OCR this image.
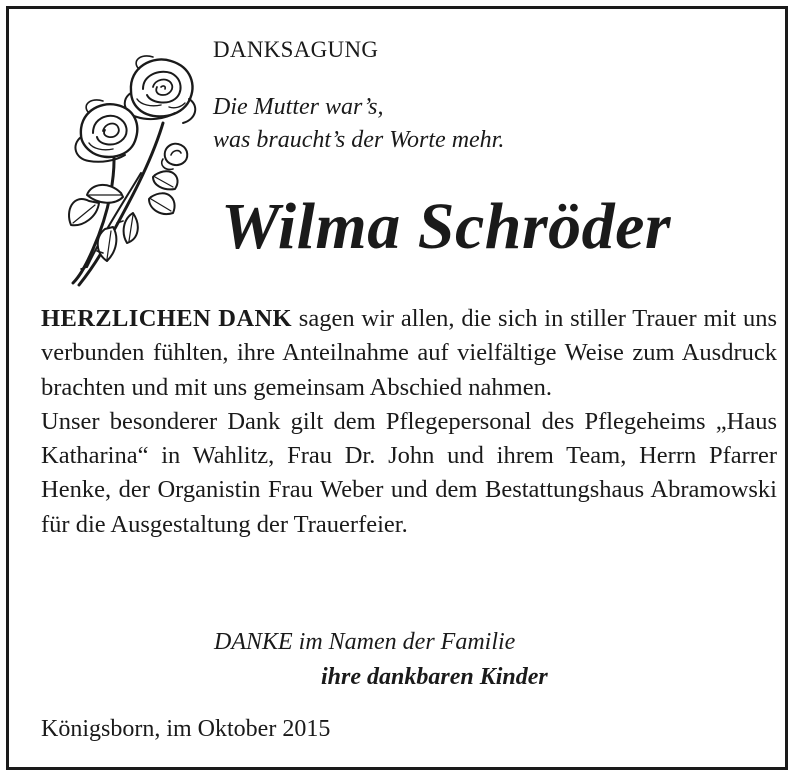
DANKSAGUNG
Die Mutter war’s,
was braucht’s der Worte mehr.
Wilma Schröder

HERZLICHEN DANK sagen wir allen, die sich in stiller Trauer mit uns verbunden fühlten, ihre Anteilnahme auf vielfältige Weise zum Ausdruck brachten und mit uns gemeinsam Abschied nahmen.

Unser besonderer Dank gilt dem Pflegepersonal des Pflegeheims „Haus Katharina“ in Wahlitz, Frau Dr. John und ihrem Team, Herrn Pfarrer Henke, der Organistin Frau Weber und dem Bestattungshaus Abramowski für die Ausgestaltung der Trauerfeier.

DANKE im Namen der Familie
ihre dankbaren Kinder
Königsborn, im Oktober 2015
